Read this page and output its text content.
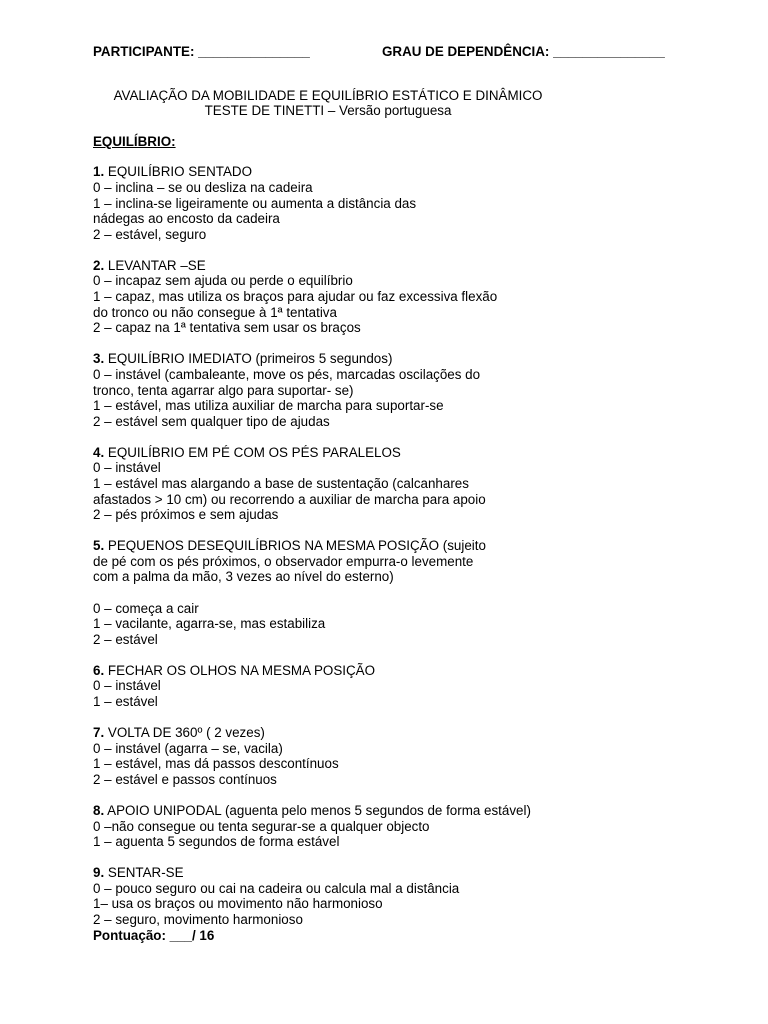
PARTICIPANTE: _______________	GRAU DE DEPENDÊNCIA: _______________
AVALIAÇÃO DA MOBILIDADE E EQUILÍBRIO ESTÁTICO E DINÂMICO
TESTE DE TINETTI – Versão portuguesa
EQUILÍBRIO:
1. EQUILÍBRIO SENTADO
0 – inclina – se ou desliza na cadeira
1 – inclina-se ligeiramente ou aumenta a distância das
nádegas ao encosto da cadeira
2 – estável, seguro
2. LEVANTAR –SE
0 – incapaz sem ajuda ou perde o equilíbrio
1 – capaz, mas utiliza os braços para ajudar ou faz excessiva flexão
do tronco ou não consegue à 1ª tentativa
2 – capaz na 1ª tentativa sem usar os braços
3. EQUILÍBRIO IMEDIATO (primeiros 5 segundos)
0 – instável (cambaleante, move os pés, marcadas oscilações do
tronco, tenta agarrar algo para suportar- se)
1 – estável, mas utiliza auxiliar de marcha para suportar-se
2 – estável sem qualquer tipo de ajudas
4. EQUILÍBRIO EM PÉ COM OS PÉS PARALELOS
0 – instável
1 – estável mas alargando a base de sustentação (calcanhares
afastados > 10 cm) ou recorrendo a auxiliar de marcha para apoio
2 – pés próximos e sem ajudas
5. PEQUENOS DESEQUILÍBRIOS NA MESMA POSIÇÃO (sujeito
de pé com os pés próximos, o observador empurra-o levemente
com a palma da mão, 3 vezes ao nível do esterno)
0 – começa a cair
1 – vacilante, agarra-se, mas estabiliza
2 – estável
6. FECHAR OS OLHOS NA MESMA POSIÇÃO
0 – instável
1 – estável
7. VOLTA DE 360º ( 2 vezes)
0 – instável (agarra – se, vacila)
1 – estável, mas dá passos descontínuos
2 – estável e passos contínuos
8. APOIO UNIPODAL (aguenta pelo menos 5 segundos de forma estável)
0 –não consegue ou tenta segurar-se a qualquer objecto
1 – aguenta 5 segundos de forma estável
9. SENTAR-SE
0 – pouco seguro ou cai na cadeira ou calcula mal a distância
1– usa os braços ou movimento não harmonioso
2 – seguro, movimento harmonioso
Pontuação: ___/ 16
